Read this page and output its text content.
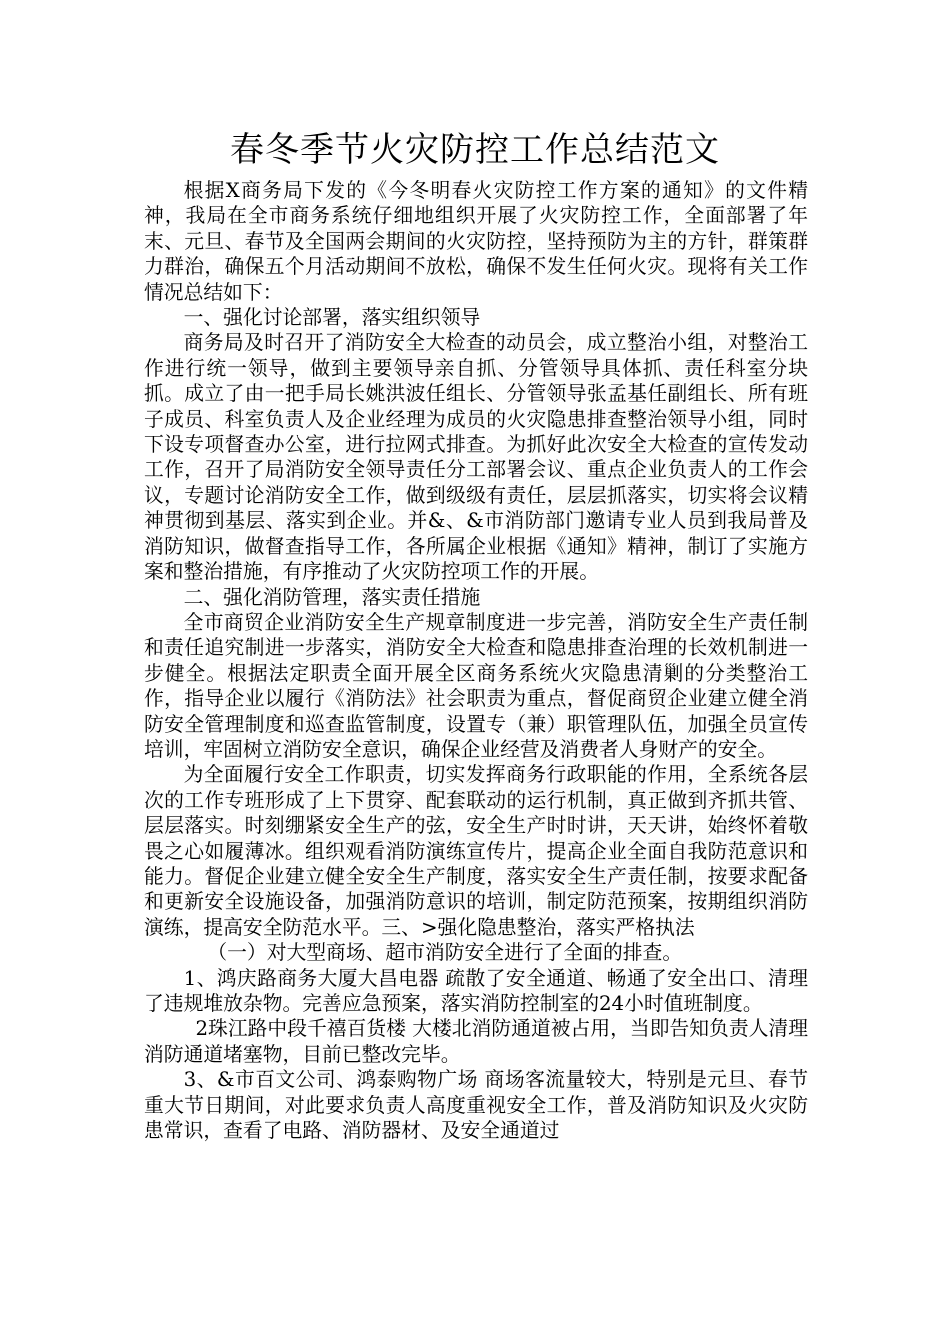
春冬季节火灾防控工作总结范文

根据X商务局下发的《今冬明春火灾防控工作方案的通知》的文件精神，我局在全市商务系统仔细地组织开展了火灾防控工作，全面部署了年末、元旦、春节及全国两会期间的火灾防控，坚持预防为主的方针，群策群力群治，确保五个月活动期间不放松，确保不发生任何火灾。现将有关工作情况总结如下：

一、强化讨论部署，落实组织领导

商务局及时召开了消防安全大检查的动员会，成立整治小组，对整治工作进行统一领导，做到主要领导亲自抓、分管领导具体抓、责任科室分块抓。成立了由一把手局长姚洪波任组长、分管领导张孟基任副组长、所有班子成员、科室负责人及企业经理为成员的火灾隐患排查整治领导小组，同时下设专项督查办公室，进行拉网式排查。为抓好此次安全大检查的宣传发动工作，召开了局消防安全领导责任分工部署会议、重点企业负责人的工作会议，专题讨论消防安全工作，做到级级有责任，层层抓落实，切实将会议精神贯彻到基层、落实到企业。并&、&市消防部门邀请专业人员到我局普及消防知识，做督查指导工作，各所属企业根据《通知》精神，制订了实施方案和整治措施，有序推动了火灾防控项工作的开展。

二、强化消防管理，落实责任措施

全市商贸企业消防安全生产规章制度进一步完善，消防安全生产责任制和责任追究制进一步落实，消防安全大检查和隐患排查治理的长效机制进一步健全。根据法定职责全面开展全区商务系统火灾隐患清剿的分类整治工作，指导企业以履行《消防法》社会职责为重点，督促商贸企业建立健全消防安全管理制度和巡查监管制度，设置专（兼）职管理队伍，加强全员宣传培训，牢固树立消防安全意识，确保企业经营及消费者人身财产的安全。

为全面履行安全工作职责，切实发挥商务行政职能的作用，全系统各层次的工作专班形成了上下贯穿、配套联动的运行机制，真正做到齐抓共管、层层落实。时刻绷紧安全生产的弦，安全生产时时讲，天天讲，始终怀着敬畏之心如履薄冰。组织观看消防演练宣传片，提高企业全面自我防范意识和能力。督促企业建立健全安全生产制度，落实安全生产责任制，按要求配备和更新安全设施设备，加强消防意识的培训，制定防范预案，按期组织消防演练，提高安全防范水平。三、>强化隐患整治，落实严格执法

（一）对大型商场、超市消防安全进行了全面的排查。

1、鸿庆路商务大厦大昌电器 疏散了安全通道、畅通了安全出口、清理了违规堆放杂物。完善应急预案，落实消防控制室的24小时值班制度。

2珠江路中段千禧百货楼 大楼北消防通道被占用，当即告知负责人清理消防通道堵塞物，目前已整改完毕。

3、&市百文公司、鸿泰购物广场 商场客流量较大，特别是元旦、春节重大节日期间，对此要求负责人高度重视安全工作，普及消防知识及火灾防患常识，查看了电路、消防器材、及安全通道过
